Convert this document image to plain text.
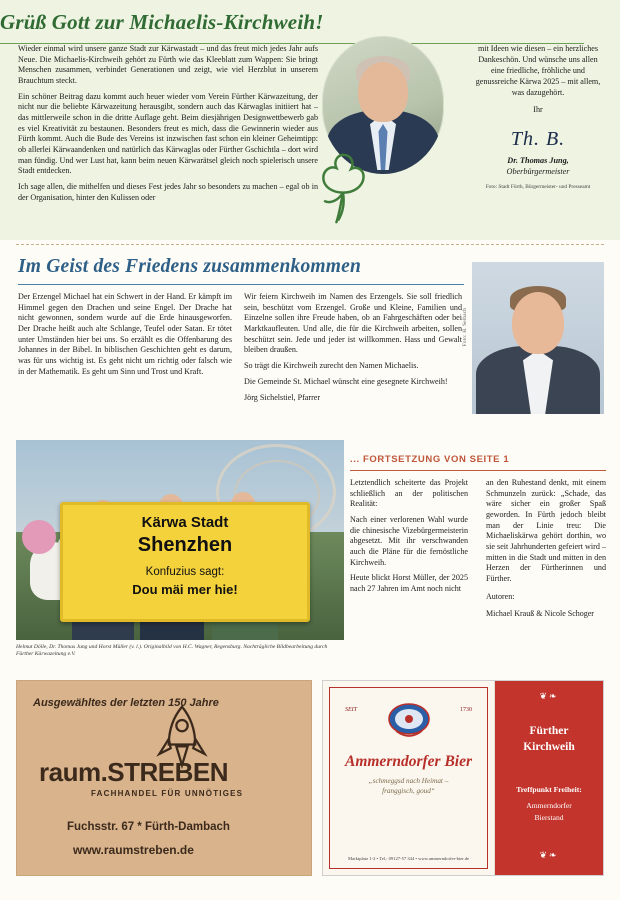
Grüß Gott zur Michaelis-Kirchweih!

Wieder einmal wird unsere ganze Stadt zur Kärwastadt – und das freut mich jedes Jahr aufs Neue. Die Michaelis-Kirchweih gehört zu Fürth wie das Kleeblatt zum Wappen: Sie bringt Menschen zusammen, verbindet Generationen und zeigt, wie viel Herzblut in unserem Brauchtum steckt.

Ein schöner Beitrag dazu kommt auch heuer wieder vom Verein Fürther Kärwazeitung, der nicht nur die beliebte Kärwazeitung herausgibt, sondern auch das Kärwaglas initiiert hat – das mittlerweile schon in die dritte Auflage geht. Beim diesjährigen Designwettbewerb gab es viel Kreativität zu bestaunen. Besonders freut es mich, dass die Gewinnerin wieder aus Fürth kommt. Auch die Bude des Vereins ist inzwischen fast schon ein kleiner Geheimtipp: ob allerlei Kärwaandenken und natürlich das Kärwaglas oder Fürther Gschichtla – dort wird man fündig. Und wer Lust hat, kann beim neuen Kärwarätsel gleich noch spielerisch unsere Stadt entdecken.

Ich sage allen, die mithelfen und dieses Fest jedes Jahr so besonders zu machen – egal ob in der Organisation, hinter den Kulissen oder

mit Ideen wie diesen – ein herzliches Dankeschön. Und wünsche uns allen eine friedliche, fröhliche und genussreiche Kärwa 2025 – mit allem, was dazugehört.
Ihr
Th. B.
Dr. Thomas Jung,
Oberbürgermeister
Foto: Stadt Fürth, Bürgermeister- und Presseamt
Im Geist des Friedens zusammenkommen

Der Erzengel Michael hat ein Schwert in der Hand. Er kämpft im Himmel gegen den Drachen und seine Engel. Der Drache hat nicht gewonnen, sondern wurde auf die Erde hinausgeworfen. Der Drache heißt auch alte Schlange, Teufel oder Satan. Er tötet unter Umständen hier bei uns. So erzählt es die Offenbarung des Johannes in der Bibel. In biblischen Geschichten geht es darum, was für uns wichtig ist. Es geht nicht um richtig oder falsch wie in der Mathematik. Es geht um Sinn und Trost und Kraft.

Wir feiern Kirchweih im Namen des Erzengels. Sie soll friedlich sein, beschützt vom Erzengel. Große und Kleine, Familien und Einzelne sollen ihre Freude haben, ob an Fahrgeschäften oder bei Marktkaufleuten. Und alle, die für die Kirchweih arbeiten, sollen beschützt sein. Jede und jeder ist willkommen. Hass und Gewalt bleiben draußen.

So trägt die Kirchweih zurecht den Namen Michaelis.

Die Gemeinde St. Michael wünscht eine gesegnete Kirchweih!

Jörg Sichelstiel, Pfarrer
Foto: H. Selbach
Kärwa Stadt
Shenzhen
Konfuzius sagt:
Dou mäi mer hie!
Helmut Dölle, Dr. Thomas Jung und Horst Müller (v. l.). Originalbild von H.C. Wagner, Regensburg. Nachträgliche Bildbearbeitung durch Fürther Kärwazeitung e.V.
... FORTSETZUNG VON SEITE 1

Letztendlich scheiterte das Projekt schließlich an der politischen Realität:

Nach einer verlorenen Wahl wurde die chinesische Vizebürgermeisterin abgesetzt. Mit ihr verschwanden auch die Pläne für die fernöstliche Kirchweih.

Heute blickt Horst Müller, der 2025 nach 27 Jahren im Amt noch nicht

an den Ruhestand denkt, mit einem Schmunzeln zurück: „Schade, das wäre sicher ein großer Spaß geworden. In Fürth jedoch bleibt man der Linie treu: Die Michaeliskärwa gehört dorthin, wo sie seit Jahrhunderten gefeiert wird – mitten in die Stadt und mitten in den Herzen der Fürtherinnen und Fürther.

Autoren:
Michael Krauß & Nicole Schoger
Ausgewähltes der letzten 150 Jahre
raum.STREBEN
FACHHANDEL FÜR UNNÖTIGES
Fuchsstr. 67 * Fürth-Dambach
www.raumstreben.de
SEIT	1730
Ammerndorfer Bier
„schmeggsd nach Heimat –
franggisch, goud“
Marktplatz 1-2 • Tel.: 09127-57 344 • www.ammerndorfer-bier.de
❦❧
Fürther
Kirchweih
Treffpunkt Freiheit:
Ammerndorfer
Bierstand
❦❧
